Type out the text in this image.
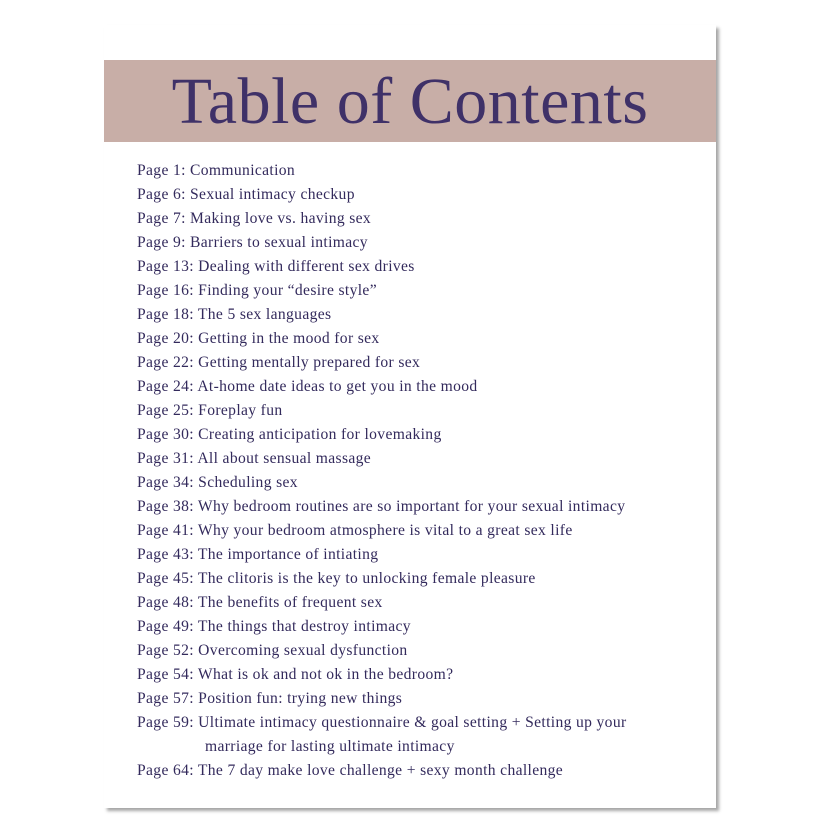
Table of Contents
Page 1: Communication
Page 6: Sexual intimacy checkup
Page 7: Making love vs. having sex
Page 9: Barriers to sexual intimacy
Page 13: Dealing with different sex drives
Page 16: Finding your “desire style”
Page 18: The 5 sex languages
Page 20: Getting in the mood for sex
Page 22: Getting mentally prepared for sex
Page 24: At-home date ideas to get you in the mood
Page 25: Foreplay fun
Page 30: Creating anticipation for lovemaking
Page 31: All about sensual massage
Page 34: Scheduling sex
Page 38: Why bedroom routines are so important for your sexual intimacy
Page 41: Why your bedroom atmosphere is vital to a great sex life
Page 43: The importance of intiating
Page 45: The clitoris is the key to unlocking female pleasure
Page 48: The benefits of frequent sex
Page 49: The things that destroy intimacy
Page 52: Overcoming sexual dysfunction
Page 54: What is ok and not ok in the bedroom?
Page 57: Position fun: trying new things
Page 59: Ultimate intimacy questionnaire & goal setting + Setting up your
marriage for lasting ultimate intimacy
Page 64: The 7 day make love challenge + sexy month challenge
